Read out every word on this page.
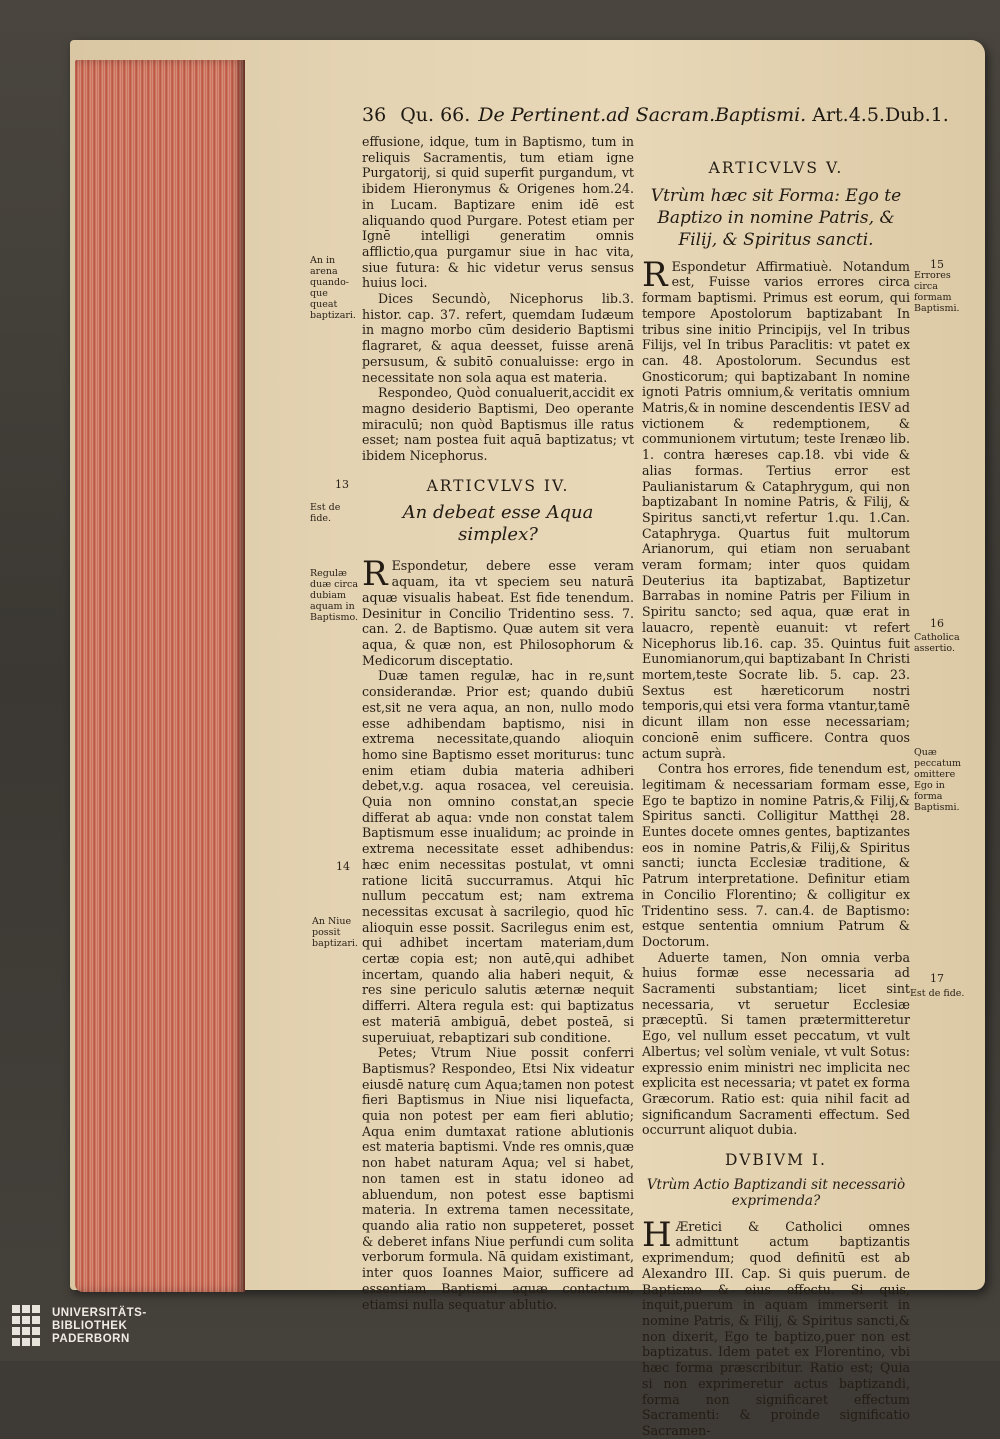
36 Qu. 66. De Pertinent.ad Sacram.Baptismi. Art.4.5.Dub.1.

effusione, idque, tum in Baptismo, tum in reliquis Sacramentis, tum etiam igne Purgatorij, si quid superfit purgandum, vt ibidem Hieronymus & Origenes hom.24. in Lucam. Baptizare enim idē est aliquando quod Purgare. Potest etiam per Ignē intelligi generatim omnis afflictio,qua purgamur siue in hac vita, siue futura: & hic videtur verus sensus huius loci.

Dices Secundò, Nicephorus lib.3. histor. cap. 37. refert, quemdam Iudæum in magno morbo cūm desiderio Baptismi flagraret, & aqua deesset, fuisse arenā persusum, & subitō conualuisse: ergo in necessitate non sola aqua est materia.

Respondeo, Quòd conualuerit,accidit ex magno desiderio Baptismi, Deo operante miraculū; non quòd Baptismus ille ratus esset; nam postea fuit aquā baptizatus; vt ibidem Nicephorus.

ARTICVLVS IV.
An debeat esse Aqua simplex?

R Espondetur, debere esse veram aquam, ita vt speciem seu naturā aquæ visualis habeat. Est fide tenendum. Desinitur in Concilio Tridentino sess. 7. can. 2. de Baptismo. Quæ autem sit vera aqua, & quæ non, est Philosophorum & Medicorum disceptatio.

Duæ tamen regulæ, hac in re,sunt considerandæ. Prior est; quando dubiū est,sit ne vera aqua, an non, nullo modo esse adhibendam baptismo, nisi in extrema necessitate,quando alioquin homo sine Baptismo esset moriturus: tunc enim etiam dubia materia adhiberi debet,v.g. aqua rosacea, vel cereuisia. Quia non omnino constat,an specie differat ab aqua: vnde non constat talem Baptismum esse inualidum; ac proinde in extrema necessitate esset adhibendus: hæc enim necessitas postulat, vt omni ratione licitā succurramus. Atqui hīc nullum peccatum est; nam extrema necessitas excusat à sacrilegio, quod hīc alioquin esse possit. Sacrilegus enim est, qui adhibet incertam materiam,dum certæ copia est; non autē,qui adhibet incertam, quando alia haberi nequit, & res sine periculo salutis æternæ nequit differri. Altera regula est: qui baptizatus est materiā ambiguā, debet posteā, si superuiuat, rebaptizari sub conditione.

Petes; Vtrum Niue possit conferri Baptismus? Respondeo, Etsi Nix videatur eiusdē naturę cum Aqua;tamen non potest fieri Baptismus in Niue nisi liquefacta, quia non potest per eam fieri ablutio; Aqua enim dumtaxat ratione ablutionis est materia baptismi. Vnde res omnis,quæ non habet naturam Aqua; vel si habet, non tamen est in statu idoneo ad abluendum, non potest esse baptismi materia. In extrema tamen necessitate, quando alia ratio non suppeteret, posset & deberet infans Niue perfundi cum solita verborum formula. Nā quidam existimant, inter quos Ioannes Maior, sufficere ad essentiam Baptismi aquæ contactum, etiamsi nulla sequatur ablutio.

ARTICVLVS V.
Vtrùm hæc sit Forma: Ego te Baptizo in nomine Patris, & Filij, & Spiritus sancti.

R Espondetur Affirmatiuè. Notandum est, Fuisse varios errores circa formam baptismi. Primus est eorum, qui tempore Apostolorum baptizabant In tribus sine initio Principijs, vel In tribus Filijs, vel In tribus Paraclitis: vt patet ex can. 48. Apostolorum. Secundus est Gnosticorum; qui baptizabant In nomine ignoti Patris omnium,& veritatis omnium Matris,& in nomine descendentis IESV ad victionem & redemptionem, & communionem virtutum; teste Irenæo lib. 1. contra hæreses cap.18. vbi vide & alias formas. Tertius error est Paulianistarum & Cataphrygum, qui non baptizabant In nomine Patris, & Filij, & Spiritus sancti,vt refertur 1.qu. 1.Can. Cataphryga. Quartus fuit multorum Arianorum, qui etiam non seruabant veram formam; inter quos quidam Deuterius ita baptizabat, Baptizetur Barrabas in nomine Patris per Filium in Spiritu sancto; sed aqua, quæ erat in lauacro, repentè euanuit: vt refert Nicephorus lib.16. cap. 35. Quintus fuit Eunomianorum,qui baptizabant In Christi mortem,teste Socrate lib. 5. cap. 23. Sextus est hæreticorum nostri temporis,qui etsi vera forma vtantur,tamē dicunt illam non esse necessariam; concionē enim sufficere. Contra quos actum suprà.

Contra hos errores, fide tenendum est, legitimam & necessariam formam esse, Ego te baptizo in nomine Patris,& Filij,& Spiritus sancti. Colligitur Matthęi 28. Euntes docete omnes gentes, baptizantes eos in nomine Patris,& Filij,& Spiritus sancti; iuncta Ecclesiæ traditione, & Patrum interpretatione. Definitur etiam in Concilio Florentino; & colligitur ex Tridentino sess. 7. can.4. de Baptismo: estque sententia omnium Patrum & Doctorum.

Aduerte tamen, Non omnia verba huius formæ esse necessaria ad Sacramenti substantiam; licet sint necessaria, vt seruetur Ecclesiæ præceptū. Si tamen prætermitteretur Ego, vel nullum esset peccatum, vt vult Albertus; vel solùm veniale, vt vult Sotus: expressio enim ministri nec implicita nec explicita est necessaria; vt patet ex forma Græcorum. Ratio est: quia nihil facit ad significandum Sacramenti effectum. Sed occurrunt aliquot dubia.

DVBIVM I.
Vtrùm Actio Baptizandi sit necessariò exprimenda?

H Æretici & Catholici omnes admittunt actum baptizantis exprimendum; quod definitū est ab Alexandro III. Cap. Si quis puerum. de Baptismo & eius effectu. Si quis, inquit,puerum in aquam immerserit in nomine Patris, & Filij, & Spiritus sancti,& non dixerit, Ego te baptizo,puer non est baptizatus. Idem patet ex Florentino, vbi hæc forma præscribitur. Ratio est; Quia si non exprimeretur actus baptizandi, forma non significaret effectum Sacramenti: & proinde significatio Sacramen-

An in arena quando-que queat baptizari.
13
Est de fide.
Regulæ duæ circa dubiam aquam in Baptismo.
14
An Niue possit baptizari.
15
Errores circa formam Baptismi.
16
Catholica assertio.
Quæ peccatum omittere Ego in forma Baptismi.
17
Est de fide.
UNIVERSITÄTS-
BIBLIOTHEK
PADERBORN
